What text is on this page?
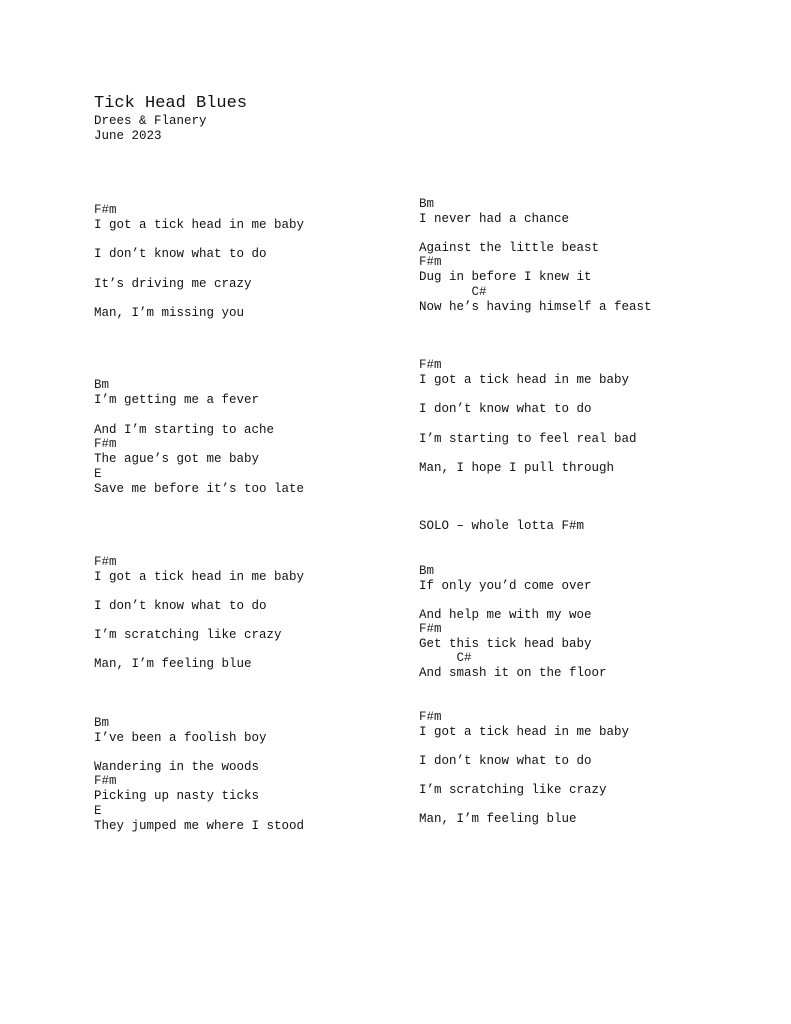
Tick Head Blues
Drees & Flanery
June 2023
F#m
I got a tick head in me baby
I don’t know what to do
It’s driving me crazy
Man, I’m missing you
Bm
I’m getting me a fever
And I’m starting to ache
F#m
The ague’s got me baby
E
Save me before it’s too late
F#m
I got a tick head in me baby
I don’t know what to do
I’m scratching like crazy
Man, I’m feeling blue
Bm
I’ve been a foolish boy
Wandering in the woods
F#m
Picking up nasty ticks
E
They jumped me where I stood
Bm
I never had a chance
Against the little beast
F#m
Dug in before I knew it
C#
Now he’s having himself a feast
F#m
I got a tick head in me baby
I don’t know what to do
I’m starting to feel real bad
Man, I hope I pull through
SOLO – whole lotta F#m
Bm
If only you’d come over
And help me with my woe
F#m
Get this tick head baby
C#
And smash it on the floor
F#m
I got a tick head in me baby
I don’t know what to do
I’m scratching like crazy
Man, I’m feeling blue
